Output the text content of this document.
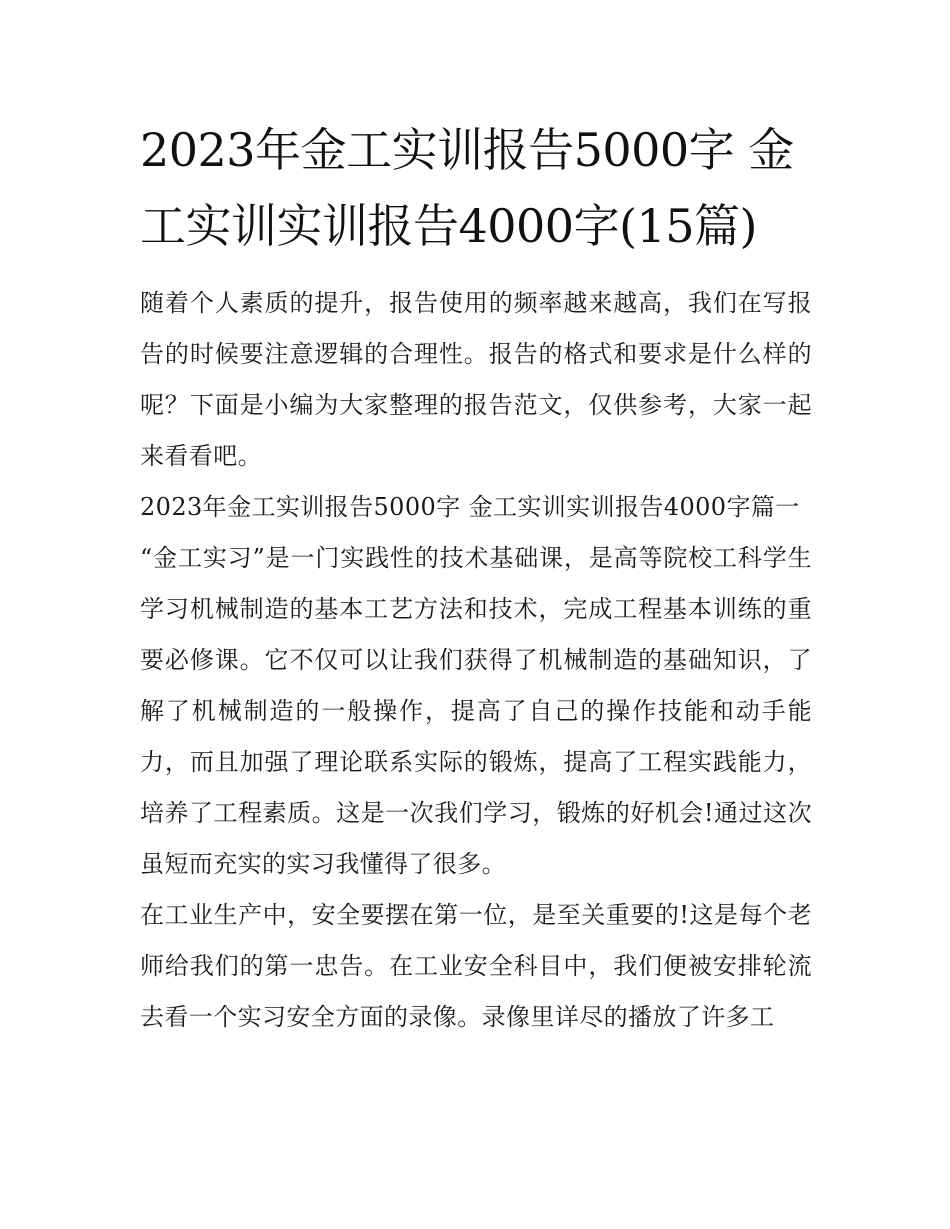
2023年金工实训报告5000字 金工实训实训报告4000字(15篇)

随着个人素质的提升，报告使用的频率越来越高，我们在写报告的时候要注意逻辑的合理性。报告的格式和要求是什么样的呢？下面是小编为大家整理的报告范文，仅供参考，大家一起来看看吧。

2023年金工实训报告5000字 金工实训实训报告4000字篇一

“金工实习”是一门实践性的技术基础课，是高等院校工科学生学习机械制造的基本工艺方法和技术，完成工程基本训练的重要必修课。它不仅可以让我们获得了机械制造的基础知识，了解了机械制造的一般操作，提高了自己的操作技能和动手能力，而且加强了理论联系实际的锻炼，提高了工程实践能力，培养了工程素质。这是一次我们学习，锻炼的好机会!通过这次虽短而充实的实习我懂得了很多。

在工业生产中，安全要摆在第一位，是至关重要的!这是每个老师给我们的第一忠告。在工业安全科目中，我们便被安排轮流去看一个实习安全方面的录像。录像里详尽的播放了许多工
